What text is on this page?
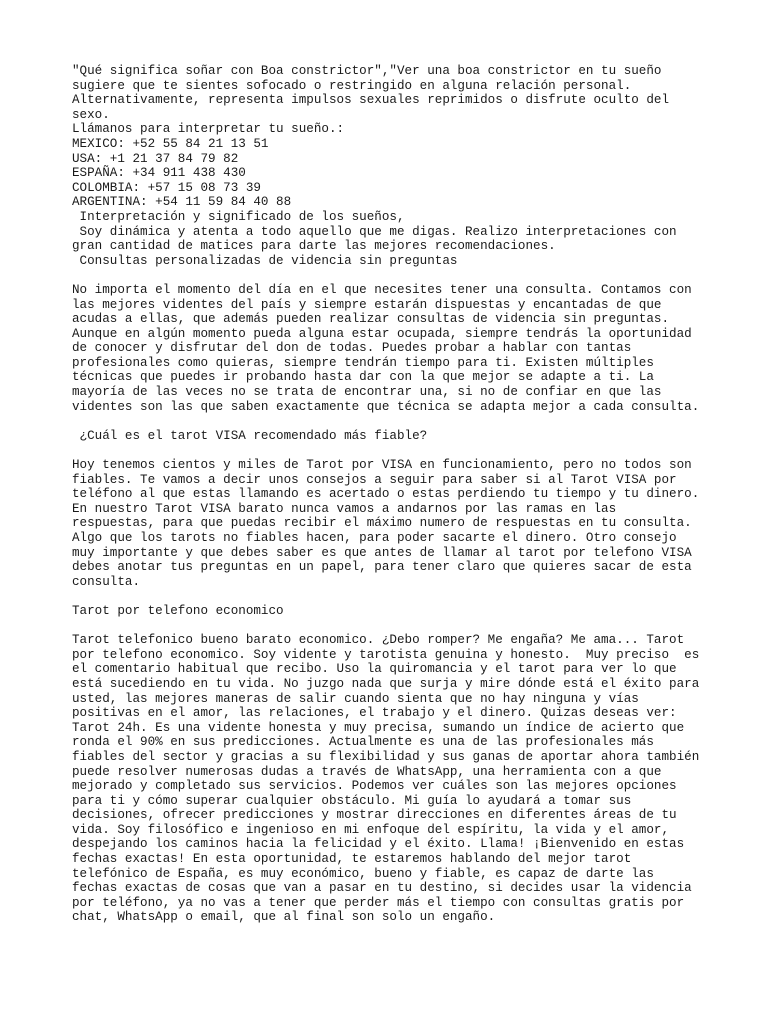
"Qué significa soñar con Boa constrictor","Ver una boa constrictor en tu sueño
sugiere que te sientes sofocado o restringido en alguna relación personal.
Alternativamente, representa impulsos sexuales reprimidos o disfrute oculto del
sexo.
Llámanos para interpretar tu sueño.:
MEXICO: +52 55 84 21 13 51
USA: +1 21 37 84 79 82
ESPAÑA: +34 911 438 430
COLOMBIA: +57 15 08 73 39
ARGENTINA: +54 11 59 84 40 88
Interpretación y significado de los sueños,
Soy dinámica y atenta a todo aquello que me digas. Realizo interpretaciones con
gran cantidad de matices para darte las mejores recomendaciones.
Consultas personalizadas de videncia sin preguntas
No importa el momento del día en el que necesites tener una consulta. Contamos con
las mejores videntes del país y siempre estarán dispuestas y encantadas de que
acudas a ellas, que además pueden realizar consultas de videncia sin preguntas.
Aunque en algún momento pueda alguna estar ocupada, siempre tendrás la oportunidad
de conocer y disfrutar del don de todas. Puedes probar a hablar con tantas
profesionales como quieras, siempre tendrán tiempo para ti. Existen múltiples
técnicas que puedes ir probando hasta dar con la que mejor se adapte a ti. La
mayoría de las veces no se trata de encontrar una, si no de confiar en que las
videntes son las que saben exactamente que técnica se adapta mejor a cada consulta.
¿Cuál es el tarot VISA recomendado más fiable?
Hoy tenemos cientos y miles de Tarot por VISA en funcionamiento, pero no todos son
fiables. Te vamos a decir unos consejos a seguir para saber si al Tarot VISA por
teléfono al que estas llamando es acertado o estas perdiendo tu tiempo y tu dinero.
En nuestro Tarot VISA barato nunca vamos a andarnos por las ramas en las
respuestas, para que puedas recibir el máximo numero de respuestas en tu consulta.
Algo que los tarots no fiables hacen, para poder sacarte el dinero. Otro consejo
muy importante y que debes saber es que antes de llamar al tarot por telefono VISA
debes anotar tus preguntas en un papel, para tener claro que quieres sacar de esta
consulta.
Tarot por telefono economico
Tarot telefonico bueno barato economico. ¿Debo romper? Me engaña? Me ama... Tarot
por telefono economico. Soy vidente y tarotista genuina y honesto.  Muy preciso  es
el comentario habitual que recibo. Uso la quiromancia y el tarot para ver lo que
está sucediendo en tu vida. No juzgo nada que surja y mire dónde está el éxito para
usted, las mejores maneras de salir cuando sienta que no hay ninguna y vías
positivas en el amor, las relaciones, el trabajo y el dinero. Quizas deseas ver:
Tarot 24h. Es una vidente honesta y muy precisa, sumando un índice de acierto que
ronda el 90% en sus predicciones. Actualmente es una de las profesionales más
fiables del sector y gracias a su flexibilidad y sus ganas de aportar ahora también
puede resolver numerosas dudas a través de WhatsApp, una herramienta con a que
mejorado y completado sus servicios. Podemos ver cuáles son las mejores opciones
para ti y cómo superar cualquier obstáculo. Mi guía lo ayudará a tomar sus
decisiones, ofrecer predicciones y mostrar direcciones en diferentes áreas de tu
vida. Soy filosófico e ingenioso en mi enfoque del espíritu, la vida y el amor,
despejando los caminos hacia la felicidad y el éxito. Llama! ¡Bienvenido en estas
fechas exactas! En esta oportunidad, te estaremos hablando del mejor tarot
telefónico de España, es muy económico, bueno y fiable, es capaz de darte las
fechas exactas de cosas que van a pasar en tu destino, si decides usar la videncia
por teléfono, ya no vas a tener que perder más el tiempo con consultas gratis por
chat, WhatsApp o email, que al final son solo un engaño.
